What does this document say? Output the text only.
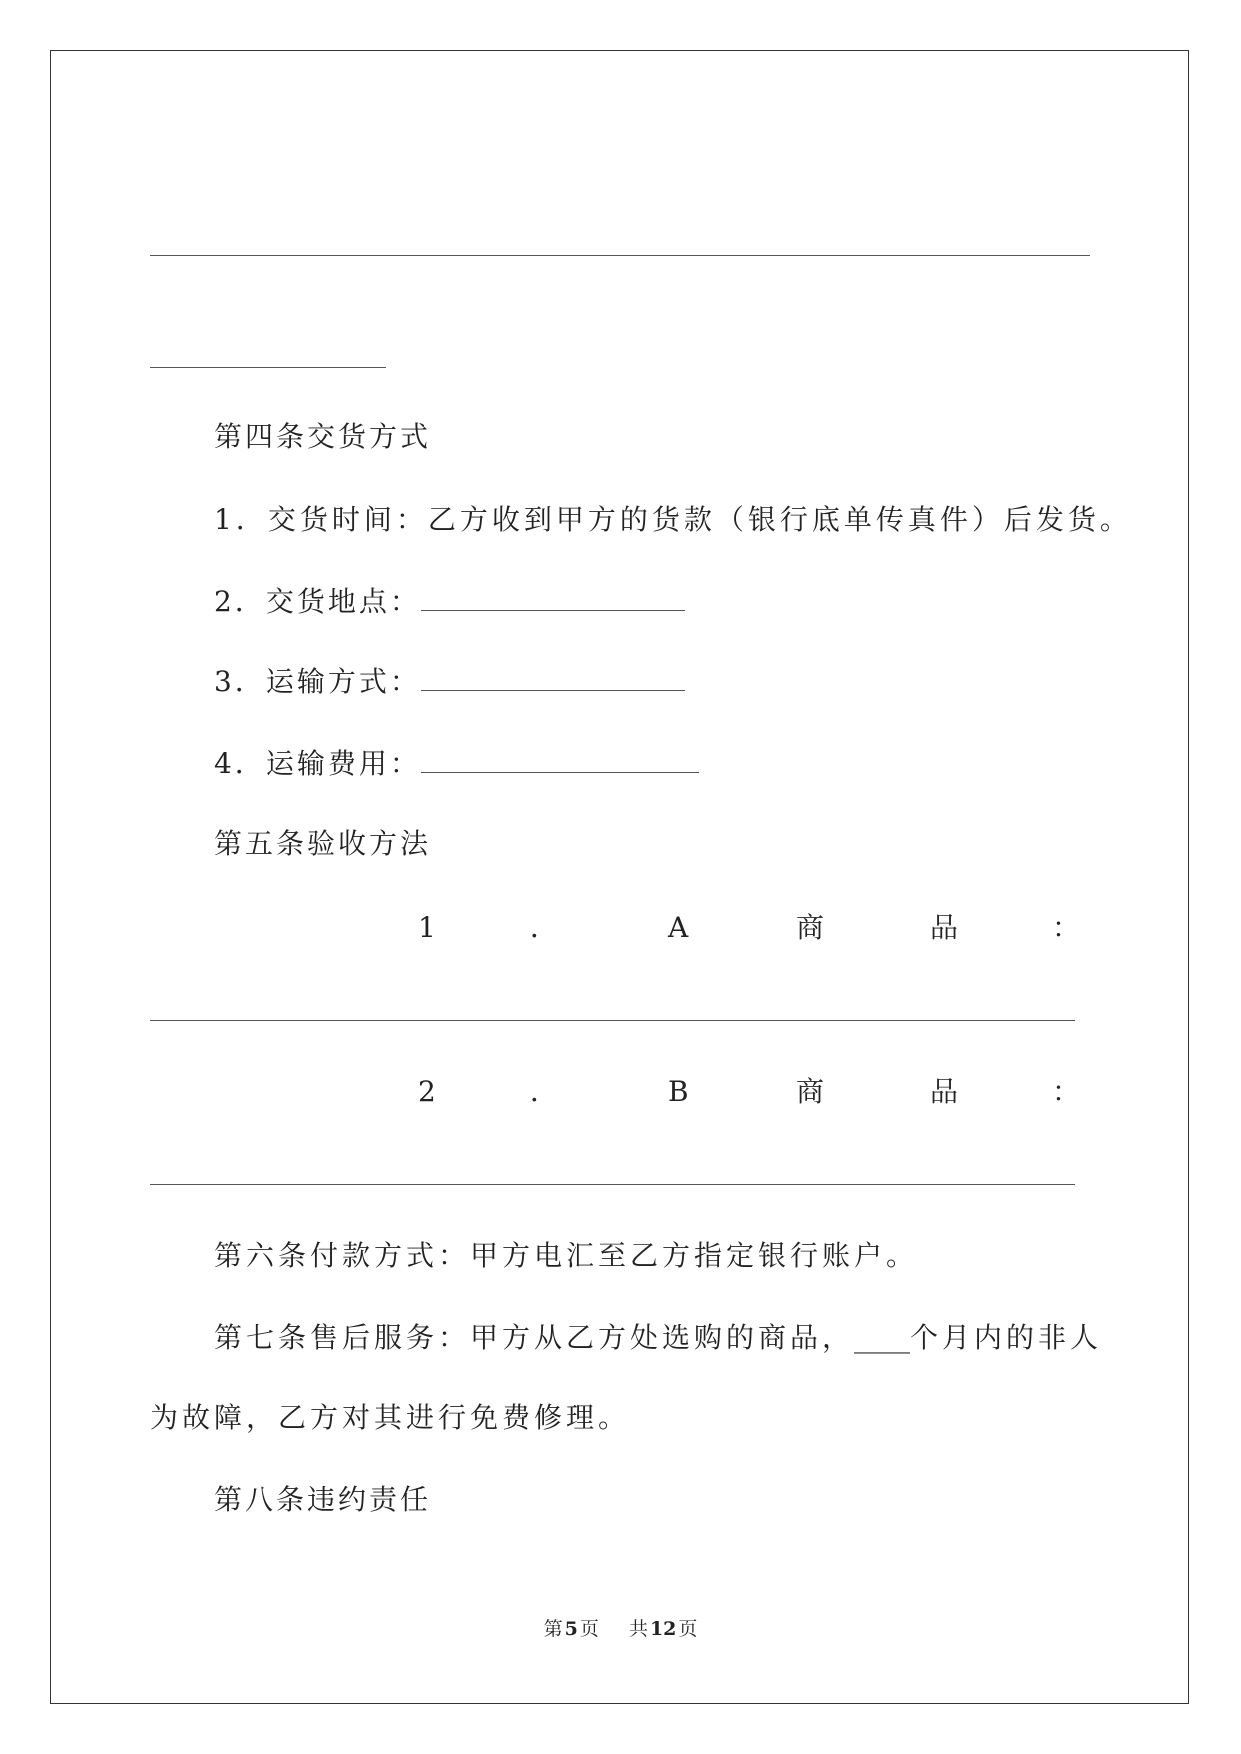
第四条交货方式
1．交货时间：乙方收到甲方的货款（银行底单传真件）后发货。
2．交货地点：
3．运输方式：
4．运输费用：
第五条验收方法
1	．	A	商	品	：
2	．	B	商	品	：
第六条付款方式：甲方电汇至乙方指定银行账户。
第七条售后服务：甲方从乙方处选购的商品，____个月内的非人
为故障，乙方对其进行免费修理。
第八条违约责任
第 5 页 共 12 页
